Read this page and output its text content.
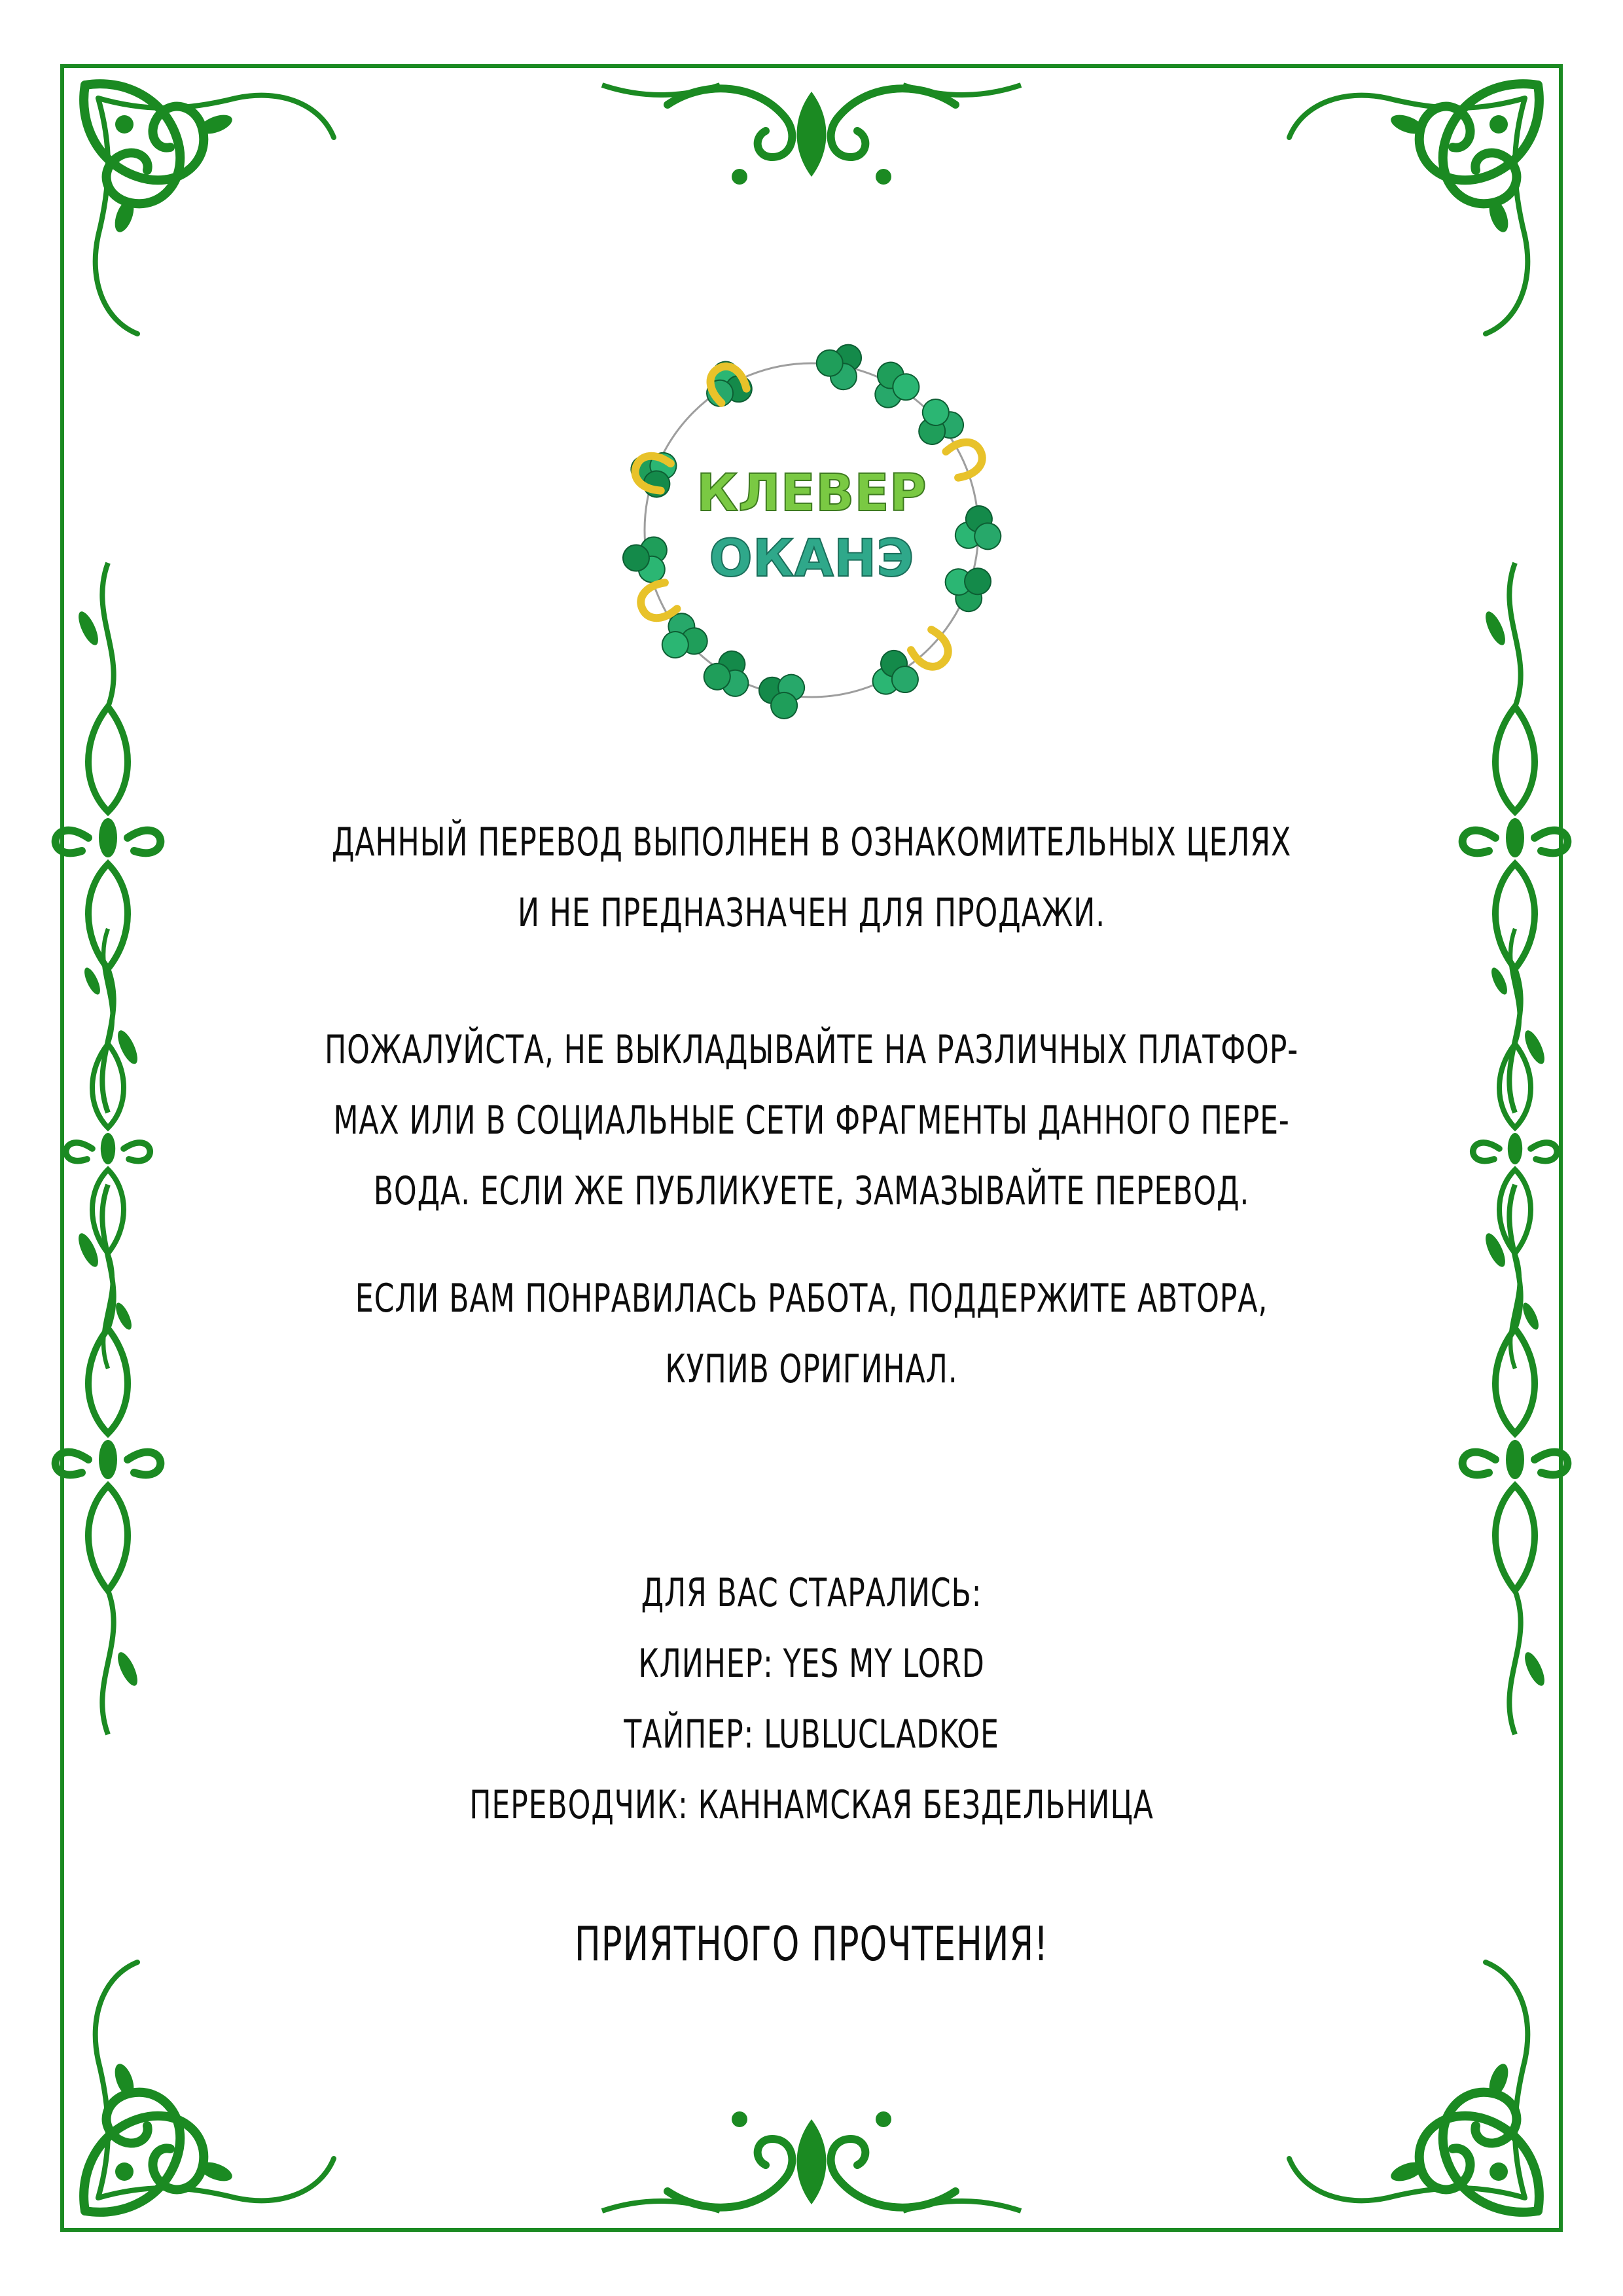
КЛЕВЕР
ОКАНЭ
ДАННЫЙ ПЕРЕВОД ВЫПОЛНЕН В ОЗНАКОМИТЕЛЬНЫХ ЦЕЛЯХ
И НЕ ПРЕДНАЗНАЧЕН ДЛЯ ПРОДАЖИ.
ПОЖАЛУЙСТА, НЕ ВЫКЛАДЫВАЙТЕ НА РАЗЛИЧНЫХ ПЛАТФОР-
МАХ ИЛИ В СОЦИАЛЬНЫЕ СЕТИ ФРАГМЕНТЫ ДАННОГО ПЕРЕ-
ВОДА. ЕСЛИ ЖЕ ПУБЛИКУЕТЕ, ЗАМАЗЫВАЙТЕ ПЕРЕВОД.
ЕСЛИ ВАМ ПОНРАВИЛАСЬ РАБОТА, ПОДДЕРЖИТЕ АВТОРА,
КУПИВ ОРИГИНАЛ.
ДЛЯ ВАС СТАРАЛИСЬ:
КЛИНЕР: YES MY LORD
ТАЙПЕР: LUBLUCLADKOE
ПЕРЕВОДЧИК: КАННАМСКАЯ БЕЗДЕЛЬНИЦА
ПРИЯТНОГО ПРОЧТЕНИЯ!
